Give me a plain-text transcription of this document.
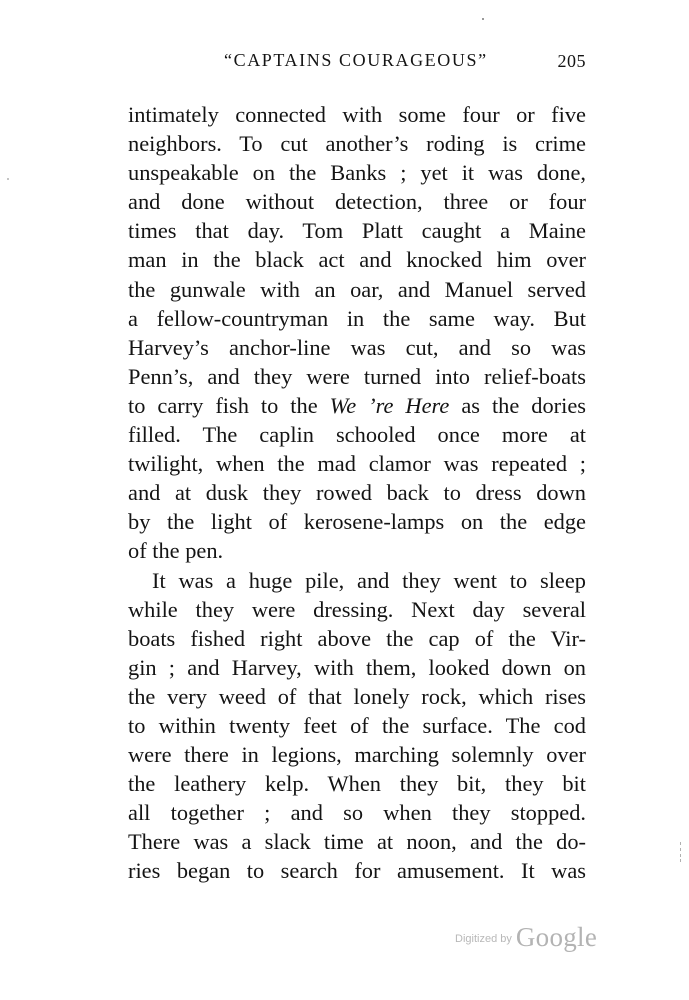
“CAPTAINS COURAGEOUS”	205
intimately connected with some four or five
neighbors. To cut another’s roding is crime
unspeakable on the Banks ; yet it was done,
and done without detection, three or four
times that day. Tom Platt caught a Maine
man in the black act and knocked him over
the gunwale with an oar, and Manuel served
a fellow-countryman in the same way. But
Harvey’s anchor-line was cut, and so was
Penn’s, and they were turned into relief-boats
to carry fish to the We ’re Here as the dories
filled. The caplin schooled once more at
twilight, when the mad clamor was repeated ;
and at dusk they rowed back to dress down
by the light of kerosene-lamps on the edge
of the pen.
It was a huge pile, and they went to sleep
while they were dressing. Next day several
boats fished right above the cap of the Vir-
gin ; and Harvey, with them, looked down on
the very weed of that lonely rock, which rises
to within twenty feet of the surface. The cod
were there in legions, marching solemnly over
the leathery kelp. When they bit, they bit
all together ; and so when they stopped.
There was a slack time at noon, and the do-
ries began to search for amusement. It was
$^{Digitized by}$ Google
